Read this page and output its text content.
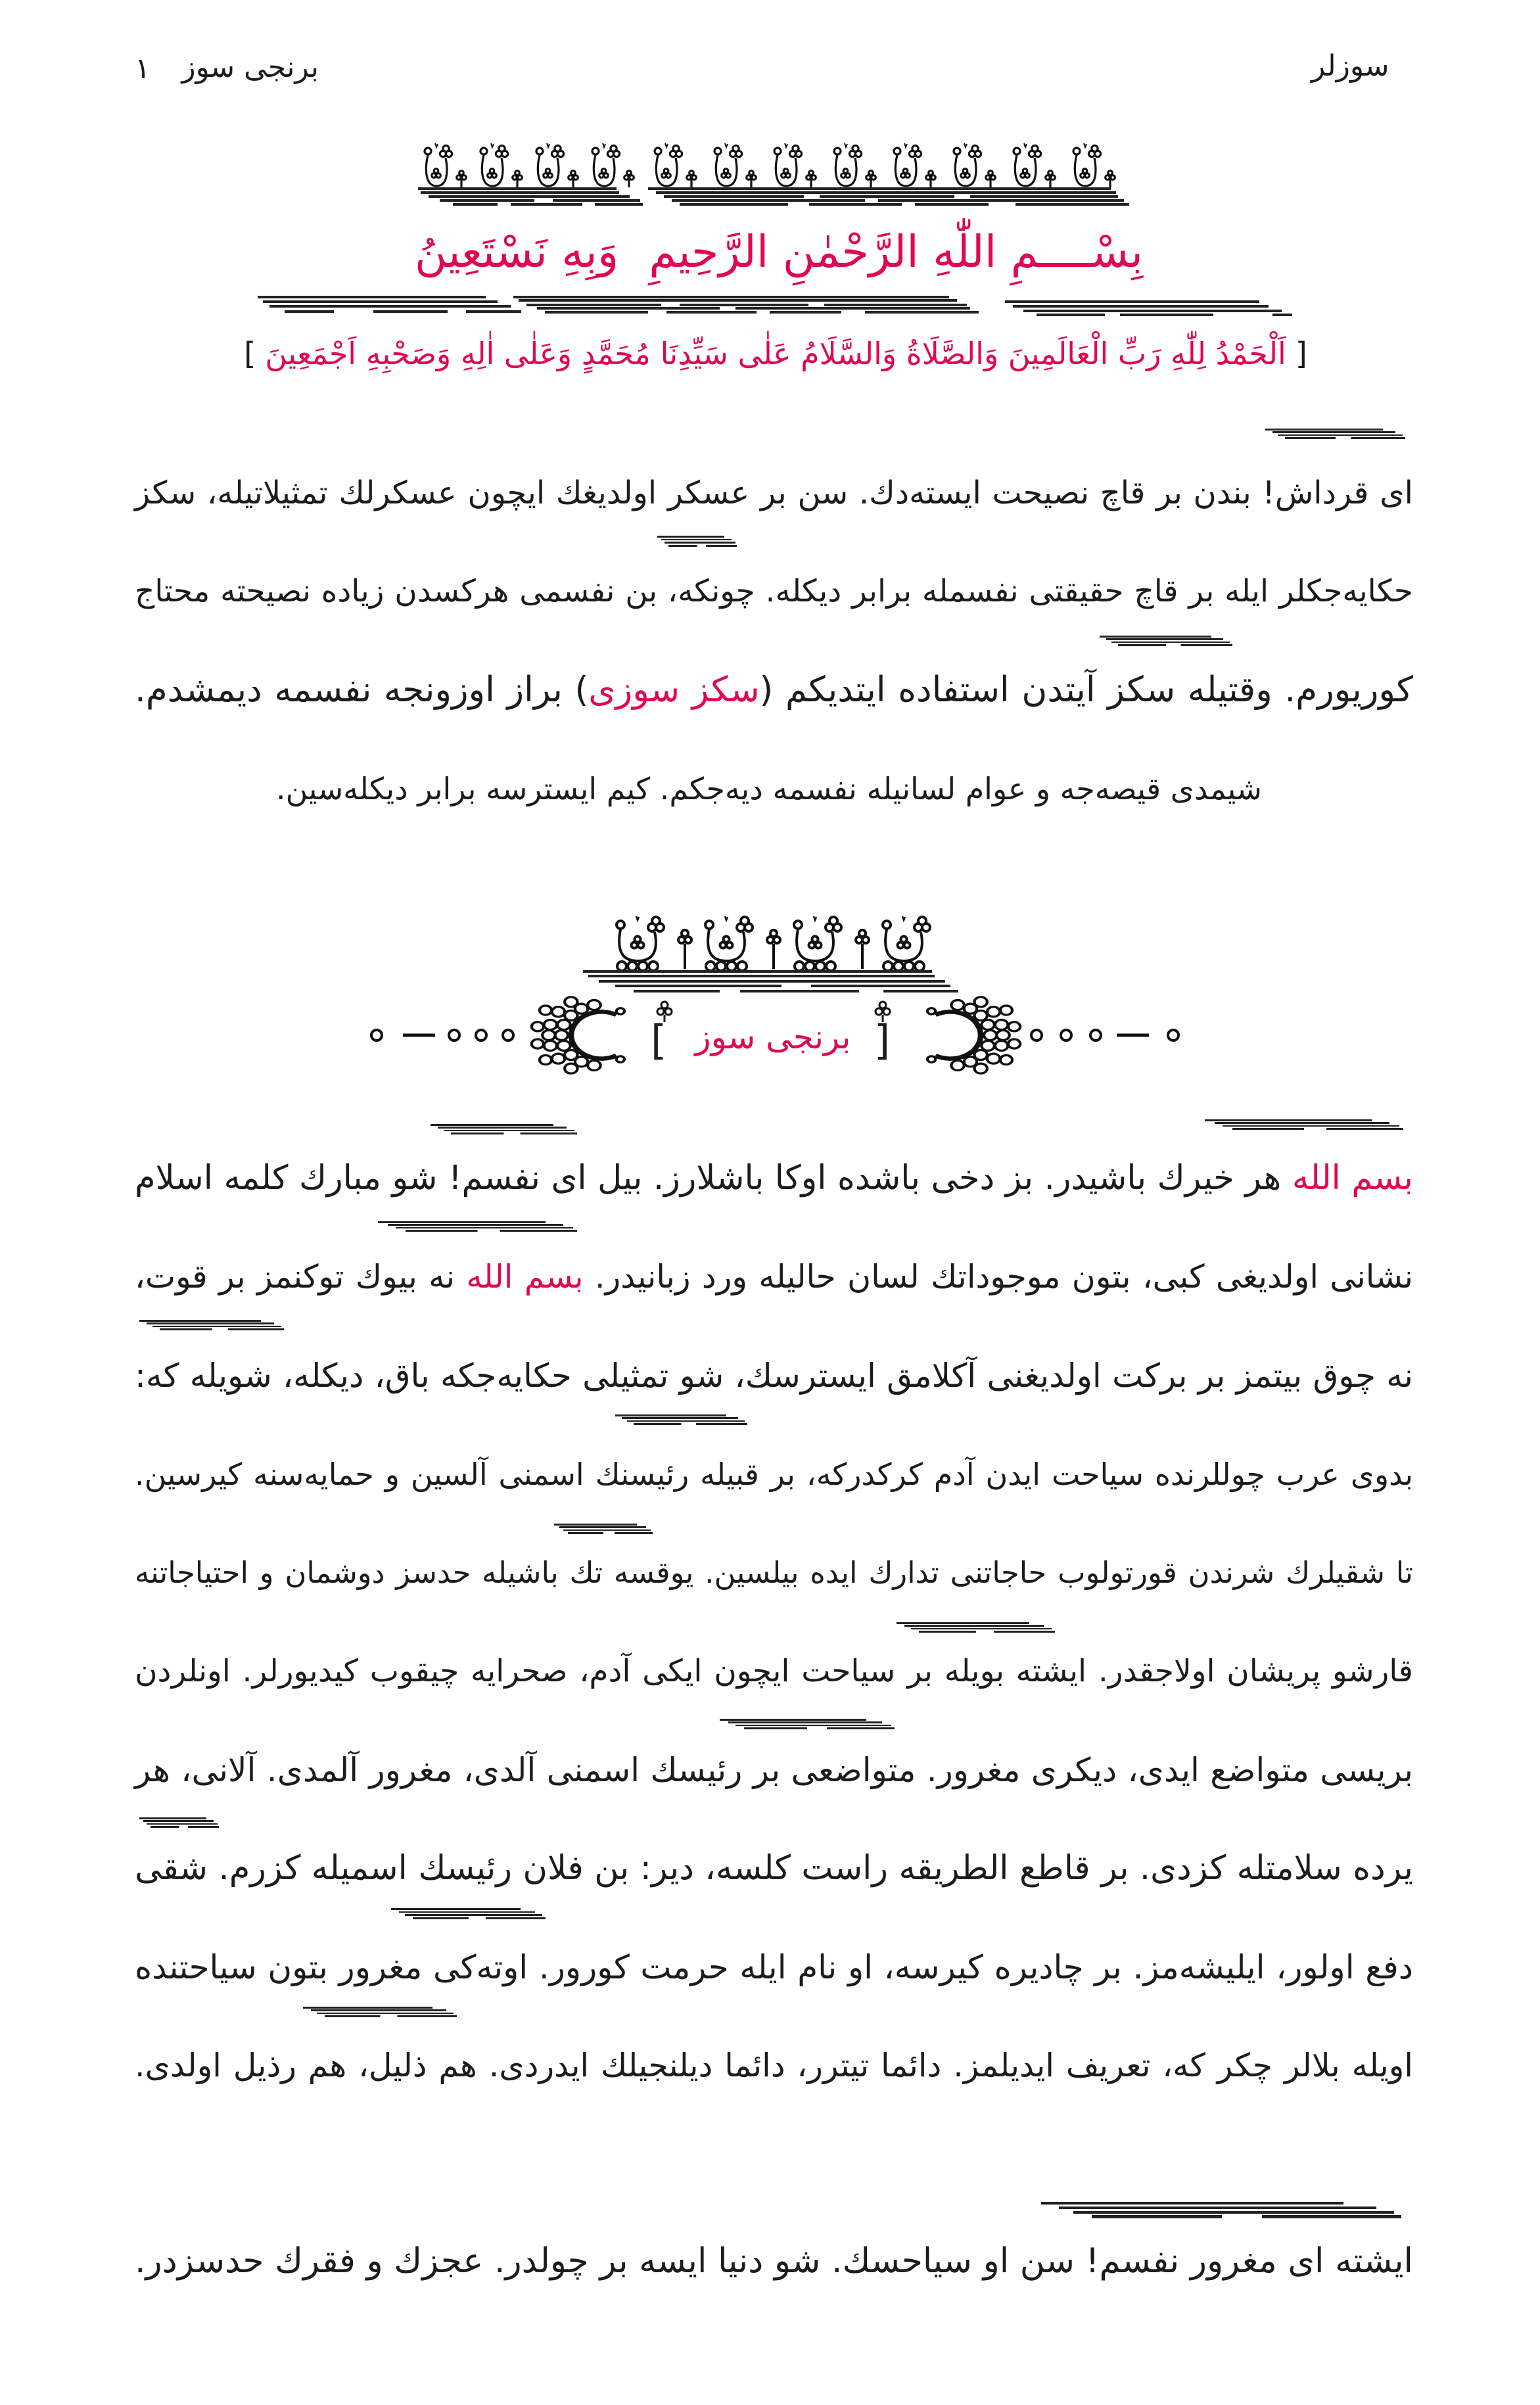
١ برنجی سوز	سوزلر
بِسْــــمِ اللّٰهِ الرَّحْمٰنِ الرَّحِيمِوَبِهِ نَسْتَعِينُ
[اَلْحَمْدُ لِلّٰهِ رَبِّ الْعَالَمِينَ وَالصَّلَاةُ وَالسَّلَامُ عَلٰى سَيِّدِنَا مُحَمَّدٍ وَعَلٰى اٰلِهِ وَصَحْبِهِ اَجْمَعِينَ]
ای قرداش! بندن بر قاچ نصیحت ایسته‌دك. سن بر عسكر اولدیغك ایچون عسكرلك تمثیلاتیله، سكز
حكایه‌جكلر ایله بر قاچ حقیقتی نفسمله برابر دیكله. چونكه، بن نفسمی هركسدن زیاده نصیحته محتاج
كوریورم. وقتیله سكز آیتدن استفاده ایتدیكم (سكز سوزی) براز اوزونجه نفسمه دیمشدم.
شیمدی قیصه‌جه و عوام لسانیله نفسمه دیه‌جكم. كیم ایسترسه برابر دیكله‌سین.
[ برنجی سوز ]
بسم الله هر خیرك باشیدر. بز دخی باشده اوكا باشلارز. بیل ای نفسم! شو مبارك كلمه اسلام
نشانی اولدیغی كبی، بتون موجوداتك لسان حالیله ورد زبانیدر. بسم الله نه بیوك توكنمز بر قوت،
نه چوق بیتمز بر بركت اولدیغنی آكلامق ایسترسك، شو تمثیلی حكایه‌جكه باق، دیكله، شویله كه:
بدوی عرب چوللرنده سیاحت ایدن آدم كركدركه، بر قبیله رئیسنك اسمنی آلسین و حمایه‌سنه كیرسین.
تا شقیلرك شرندن قورتولوب حاجاتنی تدارك ایده بیلسین. یوقسه تك باشیله حدسز دوشمان و احتیاجاتنه
قارشو پریشان اولاجقدر. ایشته بویله بر سیاحت ایچون ایكی آدم، صحرایه چیقوب كیدیورلر. اونلردن
بریسی متواضع ایدی، دیكری مغرور. متواضعی بر رئیسك اسمنی آلدی، مغرور آلمدی. آلانی، هر
یرده سلامتله كزدی. بر قاطع الطریقه راست كلسه، دیر: بن فلان رئیسك اسمیله كزرم. شقی
دفع اولور، ایلیشه‌مز. بر چادیره كیرسه، او نام ایله حرمت كورور. اوته‌كی مغرور بتون سیاحتنده
اویله بلالر چكر كه، تعریف ایدیلمز. دائما تیترر، دائما دیلنجیلك ایدردی. هم ذلیل، هم رذیل اولدی.
ایشته ای مغرور نفسم! سن او سیاحسك. شو دنیا ایسه بر چولدر. عجزك و فقرك حدسزدر.
